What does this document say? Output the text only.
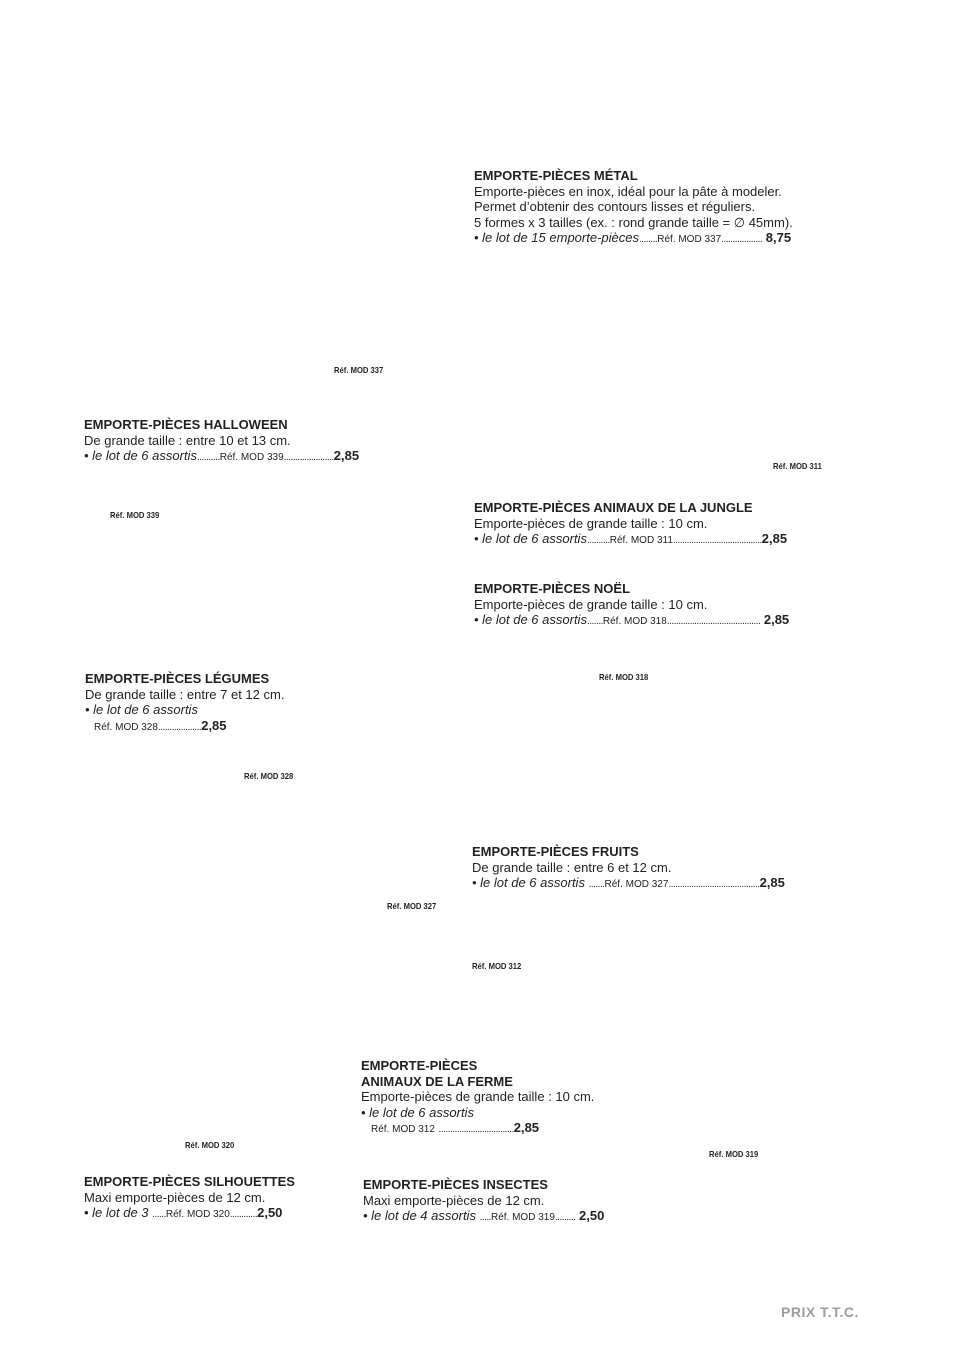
EMPORTE-PIÈCES MÉTAL
Emporte-pièces en inox, idéal pour la pâte à modeler.
Permet d’obtenir des contours lisses et réguliers.
5 formes x 3 tailles (ex. : rond grande taille = ∅ 45mm).
• le lot de 15 emporte-pièces........Réf. MOD 337.................. 8,75
EMPORTE-PIÈCES HALLOWEEN
De grande taille : entre 10 et 13 cm.
• le lot de 6 assortis..........Réf. MOD 339......................2,85
EMPORTE-PIÈCES ANIMAUX DE LA JUNGLE
Emporte-pièces de grande taille : 10 cm.
• le lot de 6 assortis..........Réf. MOD 311.......................................2,85
EMPORTE-PIÈCES NOËL
Emporte-pièces de grande taille : 10 cm.
• le lot de 6 assortis.......Réf. MOD 318......................................... 2,85
EMPORTE-PIÈCES LÉGUMES
De grande taille : entre 7 et 12 cm.
• le lot de 6 assortis
Réf. MOD 328...................2,85
EMPORTE-PIÈCES FRUITS
De grande taille : entre 6 et 12 cm.
• le lot de 6 assortis .......Réf. MOD 327........................................2,85
EMPORTE-PIÈCES
ANIMAUX DE LA FERME
Emporte-pièces de grande taille : 10 cm.
• le lot de 6 assortis
Réf. MOD 312 .................................2,85
EMPORTE-PIÈCES SILHOUETTES
Maxi emporte-pièces de 12 cm.
• le lot de 3 ......Réf. MOD 320............2,50
EMPORTE-PIÈCES INSECTES
Maxi emporte-pièces de 12 cm.
• le lot de 4 assortis .....Réf. MOD 319......... 2,50
Réf. MOD 337
Réf. MOD 311
Réf. MOD 339
Réf. MOD 318
Réf. MOD 328
Réf. MOD 327
Réf. MOD 312
Réf. MOD 320
Réf. MOD 319
PRIX T.T.C.
